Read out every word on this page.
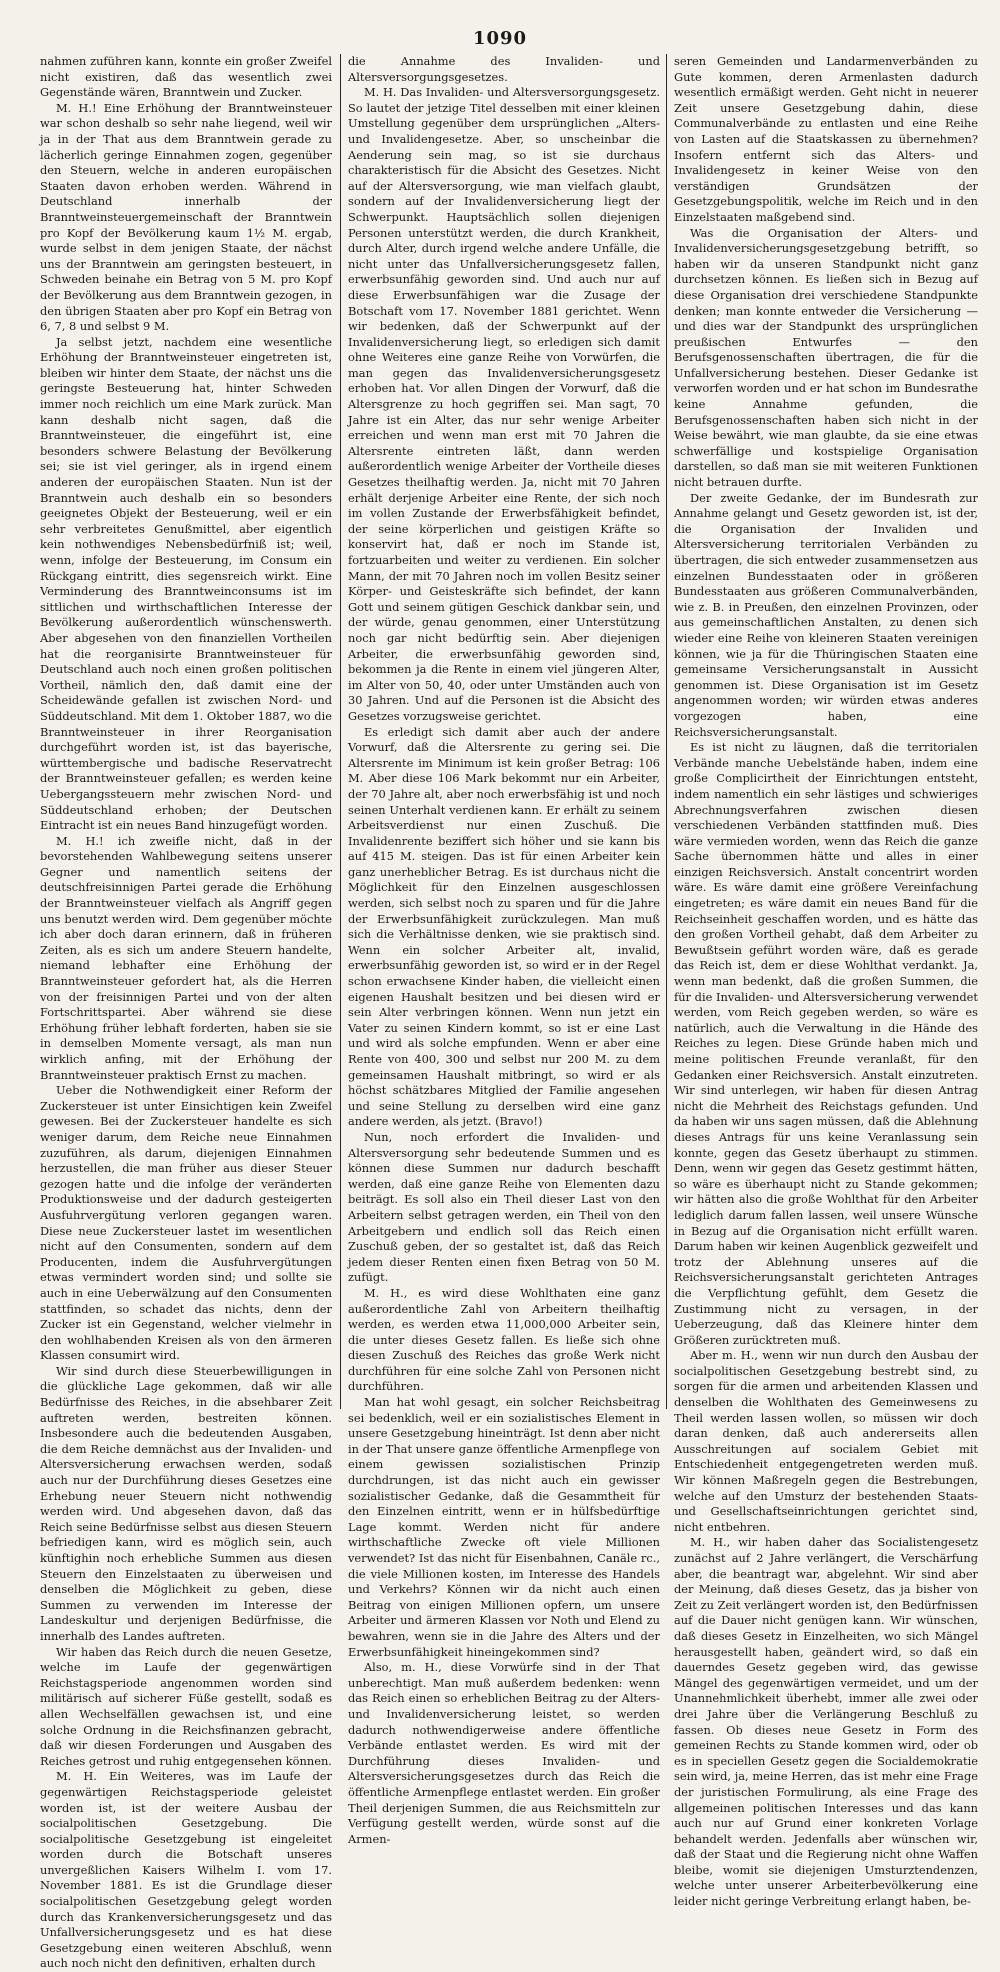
1090

nahmen zuführen kann, konnte ein großer Zweifel nicht existiren, daß das wesentlich zwei Gegenstände wären, Branntwein und Zucker.

M. H.! Eine Erhöhung der Branntweinsteuer war schon deshalb so sehr nahe liegend, weil wir ja in der That aus dem Branntwein gerade zu lächerlich geringe Einnahmen zogen, gegenüber den Steuern, welche in anderen europäischen Staaten davon erhoben werden. Während in Deutschland innerhalb der Branntweinsteuergemeinschaft der Branntwein pro Kopf der Bevölkerung kaum 1½ M. ergab, wurde selbst in dem jenigen Staate, der nächst uns der Branntwein am geringsten besteuert, in Schweden beinahe ein Betrag von 5 M. pro Kopf der Bevölkerung aus dem Branntwein gezogen, in den übrigen Staaten aber pro Kopf ein Betrag von 6, 7, 8 und selbst 9 M.

Ja selbst jetzt, nachdem eine wesentliche Erhöhung der Branntweinsteuer eingetreten ist, bleiben wir hinter dem Staate, der nächst uns die geringste Besteuerung hat, hinter Schweden immer noch reichlich um eine Mark zurück. Man kann deshalb nicht sagen, daß die Branntweinsteuer, die eingeführt ist, eine besonders schwere Belastung der Bevölkerung sei; sie ist viel geringer, als in irgend einem anderen der europäischen Staaten. Nun ist der Branntwein auch deshalb ein so besonders geeignetes Objekt der Besteuerung, weil er ein sehr verbreitetes Genußmittel, aber eigentlich kein nothwendiges Nebensbedürfniß ist; weil, wenn, infolge der Besteuerung, im Consum ein Rückgang eintritt, dies segensreich wirkt. Eine Verminderung des Branntweinconsums ist im sittlichen und wirthschaftlichen Interesse der Bevölkerung außerordentlich wünschenswerth. Aber abgesehen von den finanziellen Vortheilen hat die reorganisirte Branntweinsteuer für Deutschland auch noch einen großen politischen Vortheil, nämlich den, daß damit eine der Scheidewände gefallen ist zwischen Nord- und Süddeutschland. Mit dem 1. Oktober 1887, wo die Branntweinsteuer in ihrer Reorganisation durchgeführt worden ist, ist das bayerische, württembergische und badische Reservatrecht der Branntweinsteuer gefallen; es werden keine Uebergangssteuern mehr zwischen Nord- und Süddeutschland erhoben; der Deutschen Eintracht ist ein neues Band hinzugefügt worden.

M. H.! ich zweifle nicht, daß in der bevorstehenden Wahlbewegung seitens unserer Gegner und namentlich seitens der deutschfreisinnigen Partei gerade die Erhöhung der Branntweinsteuer vielfach als Angriff gegen uns benutzt werden wird. Dem gegenüber möchte ich aber doch daran erinnern, daß in früheren Zeiten, als es sich um andere Steuern handelte, niemand lebhafter eine Erhöhung der Branntweinsteuer gefordert hat, als die Herren von der freisinnigen Partei und von der alten Fortschrittspartei. Aber während sie diese Erhöhung früher lebhaft forderten, haben sie sie in demselben Momente versagt, als man nun wirklich anfing, mit der Erhöhung der Branntweinsteuer praktisch Ernst zu machen.

Ueber die Nothwendigkeit einer Reform der Zuckersteuer ist unter Einsichtigen kein Zweifel gewesen. Bei der Zuckersteuer handelte es sich weniger darum, dem Reiche neue Einnahmen zuzuführen, als darum, diejenigen Einnahmen herzustellen, die man früher aus dieser Steuer gezogen hatte und die infolge der veränderten Produktionsweise und der dadurch gesteigerten Ausfuhrvergütung verloren gegangen waren. Diese neue Zuckersteuer lastet im wesentlichen nicht auf den Consumenten, sondern auf dem Producenten, indem die Ausfuhrvergütungen etwas vermindert worden sind; und sollte sie auch in eine Ueberwälzung auf den Consumenten stattfinden, so schadet das nichts, denn der Zucker ist ein Gegenstand, welcher vielmehr in den wohlhabenden Kreisen als von den ärmeren Klassen consumirt wird.

Wir sind durch diese Steuerbewilligungen in die glückliche Lage gekommen, daß wir alle Bedürfnisse des Reiches, in die absehbarer Zeit auftreten werden, bestreiten können. Insbesondere auch die bedeutenden Ausgaben, die dem Reiche demnächst aus der Invaliden- und Altersversicherung erwachsen werden, sodaß auch nur der Durchführung dieses Gesetzes eine Erhebung neuer Steuern nicht nothwendig werden wird. Und abgesehen davon, daß das Reich seine Bedürfnisse selbst aus diesen Steuern befriedigen kann, wird es möglich sein, auch künftighin noch erhebliche Summen aus diesen Steuern den Einzelstaaten zu überweisen und denselben die Möglichkeit zu geben, diese Summen zu verwenden im Interesse der Landeskultur und derjenigen Bedürfnisse, die innerhalb des Landes auftreten.

Wir haben das Reich durch die neuen Gesetze, welche im Laufe der gegenwärtigen Reichstagsperiode angenommen worden sind militärisch auf sicherer Füße gestellt, sodaß es allen Wechselfällen gewachsen ist, und eine solche Ordnung in die Reichsfinanzen gebracht, daß wir diesen Forderungen und Ausgaben des Reiches getrost und ruhig entgegensehen können.

M. H. Ein Weiteres, was im Laufe der gegenwärtigen Reichstagsperiode geleistet worden ist, ist der weitere Ausbau der socialpolitischen Gesetzgebung. Die socialpolitische Gesetzgebung ist eingeleitet worden durch die Botschaft unseres unvergeßlichen Kaisers Wilhelm I. vom 17. November 1881. Es ist die Grundlage dieser socialpolitischen Gesetzgebung gelegt worden durch das Krankenversicherungsgesetz und das Unfallversicherungsgesetz und es hat diese Gesetzgebung einen weiteren Abschluß, wenn auch noch nicht den definitiven, erhalten durch

die Annahme des Invaliden- und Altersversorgungsgesetzes.

M. H. Das Invaliden- und Altersversorgungsgesetz. So lautet der jetzige Titel desselben mit einer kleinen Umstellung gegenüber dem ursprünglichen „Alters- und Invalidengesetze. Aber, so unscheinbar die Aenderung sein mag, so ist sie durchaus charakteristisch für die Absicht des Gesetzes. Nicht auf der Altersversorgung, wie man vielfach glaubt, sondern auf der Invalidenversicherung liegt der Schwerpunkt. Hauptsächlich sollen diejenigen Personen unterstützt werden, die durch Krankheit, durch Alter, durch irgend welche andere Unfälle, die nicht unter das Unfallversicherungsgesetz fallen, erwerbsunfähig geworden sind. Und auch nur auf diese Erwerbsunfähigen war die Zusage der Botschaft vom 17. November 1881 gerichtet. Wenn wir bedenken, daß der Schwerpunkt auf der Invalidenversicherung liegt, so erledigen sich damit ohne Weiteres eine ganze Reihe von Vorwürfen, die man gegen das Invalidenversicherungsgesetz erhoben hat. Vor allen Dingen der Vorwurf, daß die Altersgrenze zu hoch gegriffen sei. Man sagt, 70 Jahre ist ein Alter, das nur sehr wenige Arbeiter erreichen und wenn man erst mit 70 Jahren die Altersrente eintreten läßt, dann werden außerordentlich wenige Arbeiter der Vortheile dieses Gesetzes theilhaftig werden. Ja, nicht mit 70 Jahren erhält derjenige Arbeiter eine Rente, der sich noch im vollen Zustande der Erwerbsfähigkeit befindet, der seine körperlichen und geistigen Kräfte so konservirt hat, daß er noch im Stande ist, fortzuarbeiten und weiter zu verdienen. Ein solcher Mann, der mit 70 Jahren noch im vollen Besitz seiner Körper- und Geisteskräfte sich befindet, der kann Gott und seinem gütigen Geschick dankbar sein, und der würde, genau genommen, einer Unterstützung noch gar nicht bedürftig sein. Aber diejenigen Arbeiter, die erwerbsunfähig geworden sind, bekommen ja die Rente in einem viel jüngeren Alter, im Alter von 50, 40, oder unter Umständen auch von 30 Jahren. Und auf die Personen ist die Absicht des Gesetzes vorzugsweise gerichtet.

Es erledigt sich damit aber auch der andere Vorwurf, daß die Altersrente zu gering sei. Die Altersrente im Minimum ist kein großer Betrag: 106 M. Aber diese 106 Mark bekommt nur ein Arbeiter, der 70 Jahre alt, aber noch erwerbsfähig ist und noch seinen Unterhalt verdienen kann. Er erhält zu seinem Arbeitsverdienst nur einen Zuschuß. Die Invalidenrente beziffert sich höher und sie kann bis auf 415 M. steigen. Das ist für einen Arbeiter kein ganz unerheblicher Betrag. Es ist durchaus nicht die Möglichkeit für den Einzelnen ausgeschlossen werden, sich selbst noch zu sparen und für die Jahre der Erwerbsunfähigkeit zurückzulegen. Man muß sich die Verhältnisse denken, wie sie praktisch sind. Wenn ein solcher Arbeiter alt, invalid, erwerbsunfähig geworden ist, so wird er in der Regel schon erwachsene Kinder haben, die vielleicht einen eigenen Haushalt besitzen und bei diesen wird er sein Alter verbringen können. Wenn nun jetzt ein Vater zu seinen Kindern kommt, so ist er eine Last und wird als solche empfunden. Wenn er aber eine Rente von 400, 300 und selbst nur 200 M. zu dem gemeinsamen Haushalt mitbringt, so wird er als höchst schätzbares Mitglied der Familie angesehen und seine Stellung zu derselben wird eine ganz andere werden, als jetzt. (Bravo!)

Nun, noch erfordert die Invaliden- und Altersversorgung sehr bedeutende Summen und es können diese Summen nur dadurch beschafft werden, daß eine ganze Reihe von Elementen dazu beiträgt. Es soll also ein Theil dieser Last von den Arbeitern selbst getragen werden, ein Theil von den Arbeitgebern und endlich soll das Reich einen Zuschuß geben, der so gestaltet ist, daß das Reich jedem dieser Renten einen fixen Betrag von 50 M. zufügt.

M. H., es wird diese Wohlthaten eine ganz außerordentliche Zahl von Arbeitern theilhaftig werden, es werden etwa 11,000,000 Arbeiter sein, die unter dieses Gesetz fallen. Es ließe sich ohne diesen Zuschuß des Reiches das große Werk nicht durchführen für eine solche Zahl von Personen nicht durchführen.

Man hat wohl gesagt, ein solcher Reichsbeitrag sei bedenklich, weil er ein sozialistisches Element in unsere Gesetzgebung hineinträgt. Ist denn aber nicht in der That unsere ganze öffentliche Armenpflege von einem gewissen sozialistischen Prinzip durchdrungen, ist das nicht auch ein gewisser sozialistischer Gedanke, daß die Gesammtheit für den Einzelnen eintritt, wenn er in hülfsbedürftige Lage kommt. Werden nicht für andere wirthschaftliche Zwecke oft viele Millionen verwendet? Ist das nicht für Eisenbahnen, Canäle rc., die viele Millionen kosten, im Interesse des Handels und Verkehrs? Können wir da nicht auch einen Beitrag von einigen Millionen opfern, um unsere Arbeiter und ärmeren Klassen vor Noth und Elend zu bewahren, wenn sie in die Jahre des Alters und der Erwerbsunfähigkeit hineingekommen sind?

Also, m. H., diese Vorwürfe sind in der That unberechtigt. Man muß außerdem bedenken: wenn das Reich einen so erheblichen Beitrag zu der Alters- und Invalidenversicherung leistet, so werden dadurch nothwendigerweise andere öffentliche Verbände entlastet werden. Es wird mit der Durchführung dieses Invaliden- und Altersversicherungsgesetzes durch das Reich die öffentliche Armenpflege entlastet werden. Ein großer Theil derjenigen Summen, die aus Reichsmitteln zur Verfügung gestellt werden, würde sonst auf die Armen-

seren Gemeinden und Landarmenverbänden zu Gute kommen, deren Armenlasten dadurch wesentlich ermäßigt werden. Geht nicht in neuerer Zeit unsere Gesetzgebung dahin, diese Communalverbände zu entlasten und eine Reihe von Lasten auf die Staatskassen zu übernehmen? Insofern entfernt sich das Alters- und Invalidengesetz in keiner Weise von den verständigen Grundsätzen der Gesetzgebungspolitik, welche im Reich und in den Einzelstaaten maßgebend sind.

Was die Organisation der Alters- und Invalidenversicherungsgesetzgebung betrifft, so haben wir da unseren Standpunkt nicht ganz durchsetzen können. Es ließen sich in Bezug auf diese Organisation drei verschiedene Standpunkte denken; man konnte entweder die Versicherung — und dies war der Standpunkt des ursprünglichen preußischen Entwurfes — den Berufsgenossenschaften übertragen, die für die Unfallversicherung bestehen. Dieser Gedanke ist verworfen worden und er hat schon im Bundesrathe keine Annahme gefunden, die Berufsgenossenschaften haben sich nicht in der Weise bewährt, wie man glaubte, da sie eine etwas schwerfällige und kostspielige Organisation darstellen, so daß man sie mit weiteren Funktionen nicht betrauen durfte.

Der zweite Gedanke, der im Bundesrath zur Annahme gelangt und Gesetz geworden ist, ist der, die Organisation der Invaliden und Altersversicherung territorialen Verbänden zu übertragen, die sich entweder zusammensetzen aus einzelnen Bundesstaaten oder in größeren Bundesstaaten aus größeren Communalverbänden, wie z. B. in Preußen, den einzelnen Provinzen, oder aus gemeinschaftlichen Anstalten, zu denen sich wieder eine Reihe von kleineren Staaten vereinigen können, wie ja für die Thüringischen Staaten eine gemeinsame Versicherungsanstalt in Aussicht genommen ist. Diese Organisation ist im Gesetz angenommen worden; wir würden etwas anderes vorgezogen haben, eine Reichsversicherungsanstalt.

Es ist nicht zu läugnen, daß die territorialen Verbände manche Uebelstände haben, indem eine große Complicirtheit der Einrichtungen entsteht, indem namentlich ein sehr lästiges und schwieriges Abrechnungsverfahren zwischen diesen verschiedenen Verbänden stattfinden muß. Dies wäre vermieden worden, wenn das Reich die ganze Sache übernommen hätte und alles in einer einzigen Reichsversich. Anstalt concentrirt worden wäre. Es wäre damit eine größere Vereinfachung eingetreten; es wäre damit ein neues Band für die Reichseinheit geschaffen worden, und es hätte das den großen Vortheil gehabt, daß dem Arbeiter zu Bewußtsein geführt worden wäre, daß es gerade das Reich ist, dem er diese Wohlthat verdankt. Ja, wenn man bedenkt, daß die großen Summen, die für die Invaliden- und Altersversicherung verwendet werden, vom Reich gegeben werden, so wäre es natürlich, auch die Verwaltung in die Hände des Reiches zu legen. Diese Gründe haben mich und meine politischen Freunde veranlaßt, für den Gedanken einer Reichsversich. Anstalt einzutreten. Wir sind unterlegen, wir haben für diesen Antrag nicht die Mehrheit des Reichstags gefunden. Und da haben wir uns sagen müssen, daß die Ablehnung dieses Antrags für uns keine Veranlassung sein konnte, gegen das Gesetz überhaupt zu stimmen. Denn, wenn wir gegen das Gesetz gestimmt hätten, so wäre es überhaupt nicht zu Stande gekommen; wir hätten also die große Wohlthat für den Arbeiter lediglich darum fallen lassen, weil unsere Wünsche in Bezug auf die Organisation nicht erfüllt waren. Darum haben wir keinen Augenblick gezweifelt und trotz der Ablehnung unseres auf die Reichsversicherungsanstalt gerichteten Antrages die Verpflichtung gefühlt, dem Gesetz die Zustimmung nicht zu versagen, in der Ueberzeugung, daß das Kleinere hinter dem Größeren zurücktreten muß.

Aber m. H., wenn wir nun durch den Ausbau der socialpolitischen Gesetzgebung bestrebt sind, zu sorgen für die armen und arbeitenden Klassen und denselben die Wohlthaten des Gemeinwesens zu Theil werden lassen wollen, so müssen wir doch daran denken, daß auch andererseits allen Ausschreitungen auf socialem Gebiet mit Entschiedenheit entgegengetreten werden muß. Wir können Maßregeln gegen die Bestrebungen, welche auf den Umsturz der bestehenden Staats- und Gesellschaftseinrichtungen gerichtet sind, nicht entbehren.

M. H., wir haben daher das Socialistengesetz zunächst auf 2 Jahre verlängert, die Verschärfung aber, die beantragt war, abgelehnt. Wir sind aber der Meinung, daß dieses Gesetz, das ja bisher von Zeit zu Zeit verlängert worden ist, den Bedürfnissen auf die Dauer nicht genügen kann. Wir wünschen, daß dieses Gesetz in Einzelheiten, wo sich Mängel herausgestellt haben, geändert wird, so daß ein dauerndes Gesetz gegeben wird, das gewisse Mängel des gegenwärtigen vermeidet, und um der Unannehmlichkeit überhebt, immer alle zwei oder drei Jahre über die Verlängerung Beschluß zu fassen. Ob dieses neue Gesetz in Form des gemeinen Rechts zu Stande kommen wird, oder ob es in speciellen Gesetz gegen die Socialdemokratie sein wird, ja, meine Herren, das ist mehr eine Frage der juristischen Formulirung, als eine Frage des allgemeinen politischen Interesses und das kann auch nur auf Grund einer konkreten Vorlage behandelt werden. Jedenfalls aber wünschen wir, daß der Staat und die Regierung nicht ohne Waffen bleibe, womit sie diejenigen Umsturztendenzen, welche unter unserer Arbeiterbevölkerung eine leider nicht geringe Verbreitung erlangt haben, be-
